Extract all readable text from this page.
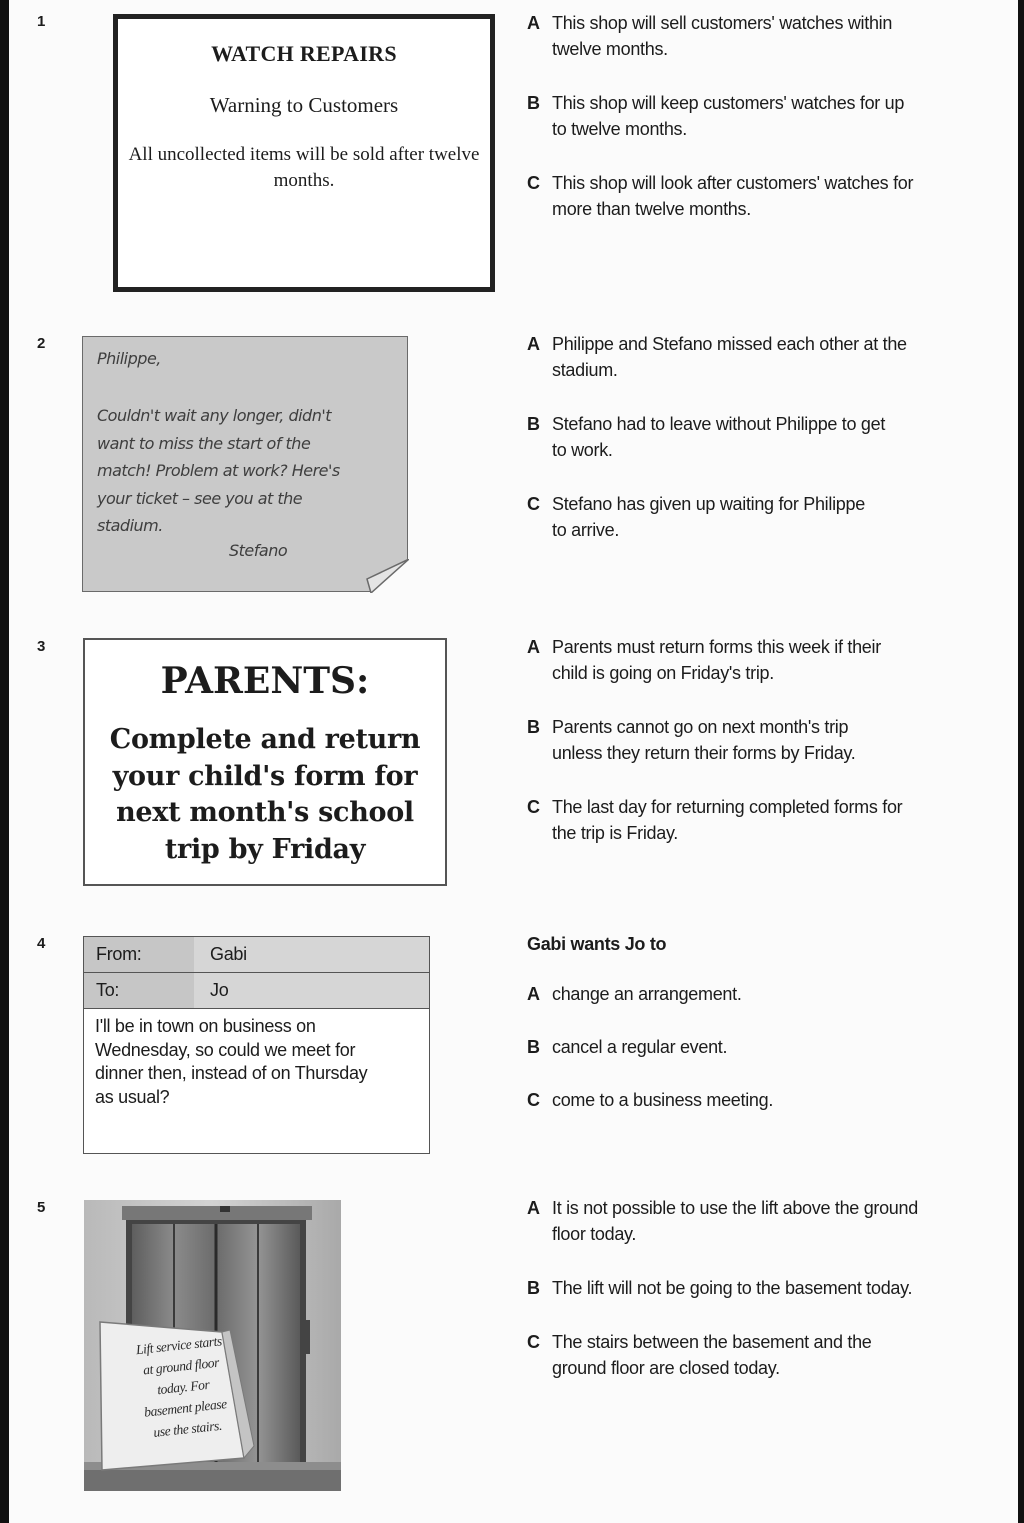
1
WATCH REPAIRS
Warning to Customers
All uncollected items will be sold after twelve months.
A This shop will sell customers' watches within twelve months.
B This shop will keep customers' watches for up to twelve months.
C This shop will look after customers' watches for more than twelve months.
2
Philippe,
Couldn't wait any longer, didn't
want to miss the start of the
match! Problem at work? Here's
your ticket – see you at the
stadium.
Stefano
A Philippe and Stefano missed each other at the stadium.
B Stefano had to leave without Philippe to get to work.
C Stefano has given up waiting for Philippe to arrive.
3
PARENTS:
Complete and return
your child's form for
next month's school
trip by Friday
A Parents must return forms this week if their child is going on Friday's trip.
B Parents cannot go on next month's trip unless they return their forms by Friday.
C The last day for returning completed forms for the trip is Friday.
4
From:	Gabi
To:	Jo
I'll be in town on business on
Wednesday, so could we meet for
dinner then, instead of on Thursday
as usual?
Gabi wants Jo to
A change an arrangement.
B cancel a regular event.
C come to a business meeting.
5
Lift service starts
at ground floor
today. For
basement please
use the stairs.
A It is not possible to use the lift above the ground floor today.
B The lift will not be going to the basement today.
C The stairs between the basement and the ground floor are closed today.
